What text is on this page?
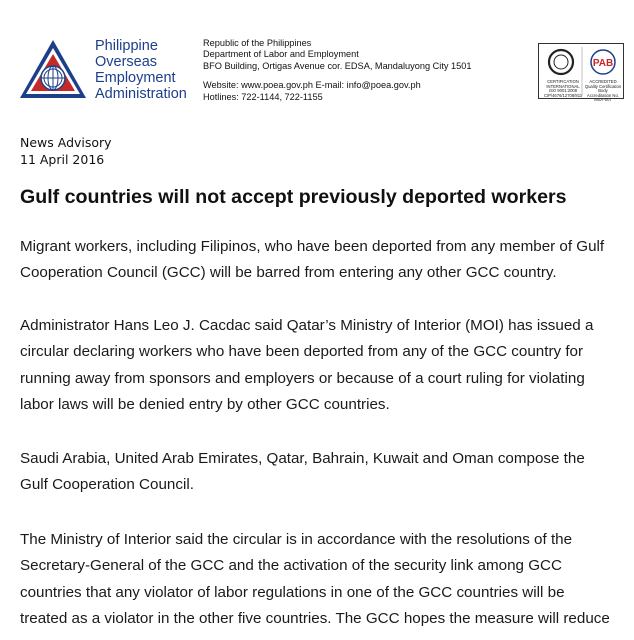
Philippine
Overseas
Employment
Administration
Republic of the Philippines
Department of Labor and Employment
BFO Building, Ortigas Avenue cor. EDSA, Mandaluyong City 1501
Website: www.poea.gov.ph E-mail: info@poea.gov.ph
Hotlines: 722-1144, 722-1155
PAB
CERTIFICATION
INTERNATIONAL
ISO 9001:2008
CIP/4676/12708/811
ACCREDITED
Quality Certification Body
Accreditation No.
MSA-007
News Advisory
11 April 2016
Gulf countries will not accept previously deported workers
Migrant workers, including Filipinos, who have been deported from any member of Gulf
Cooperation Council (GCC) will be barred from entering any other GCC country.
Administrator Hans Leo J. Cacdac said Qatar’s Ministry of Interior (MOI) has issued a
circular declaring workers who have been deported from any of the GCC country for
running away from sponsors and employers or because of a court ruling for violating
labor laws will be denied entry by other GCC countries.
Saudi Arabia, United Arab Emirates, Qatar, Bahrain, Kuwait and Oman compose the
Gulf Cooperation Council.
The Ministry of Interior said the circular is in accordance with the resolutions of the
Secretary-General of the GCC and the activation of the security link among GCC
countries that any violator of labor regulations in one of the GCC countries will be
treated as a violator in the other five countries. The GCC hopes the measure will reduce
